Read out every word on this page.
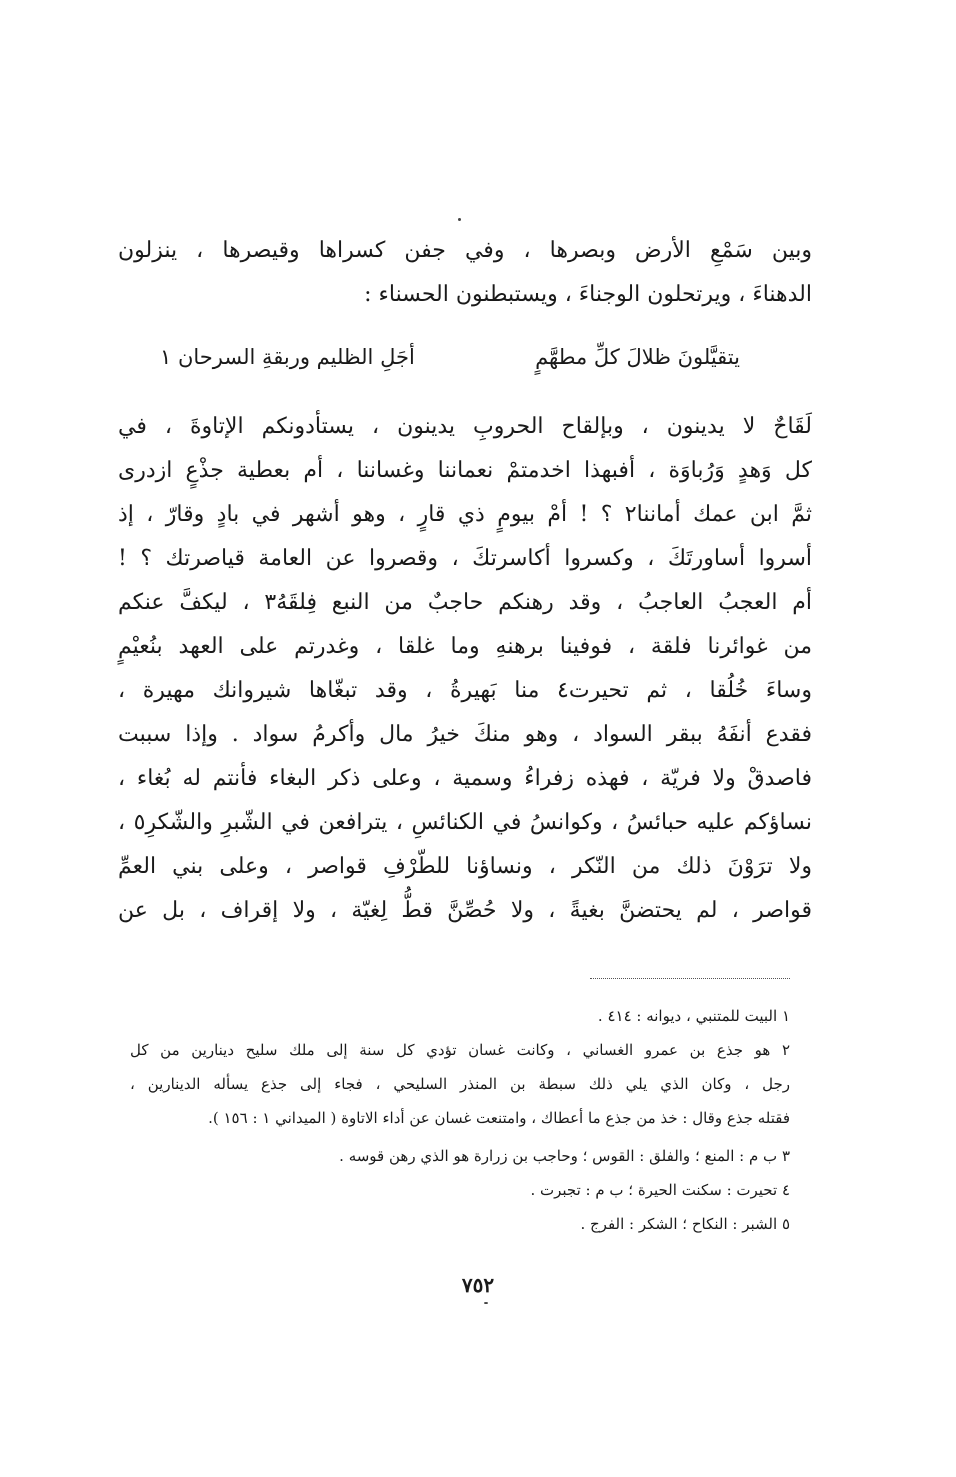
وبين سَمْعِ الأرض وبصرها ، وفي جفن كسراها وقيصرها ، ينزلون
الدهناءَ ، ويرتحلون الوجناءَ ، ويستبطنون الحسناء :
يتقيَّلونَ ظلالَ كلِّ مطهَّمٍ
أجَلِ الظليم وربقةِ السرحان ١
لَقَاحٌ لا يدينون ، وبإلقاح الحروبِ يدينون ، يستأدونكم الإتاوةَ ، في
كل وَهدٍ وَرُباوَة ، أفبهذا اخدمتمْ نعماننا وغساننا ، أم بعطية جذْعٍ ازدرى
ثمَّ ابن عمك أماننا٢ ؟ ! أمْ بيومٍ ذي قارٍ ، وهو أشهر في بادٍ وقارّ ، إذ
أسروا أساورتَكَ ، وكسروا أكاسرتكَ ، وقصروا عن العامة قياصرتك ؟ !
أم العجبُ العاجبُ ، وقد رهنكم حاجبٌ من النبع فِلقَهُ٣ ، ليكفَّ عنكم
من غوائرنا فلقة ، فوفينا برهنهِ وما غلقا ، وغدرتم على العهد بنُعيْمٍ
وساءَ خُلُقا ، ثم تحيرت٤ منا بَهيرةُ ، وقد تبغّاها شيروانك مهيرة ،
فقدع أنفَهُ ببقر السواد ، وهو منكَ خيرُ مال وأكرمُ سواد . وإذا سببت
فاصدقْ ولا فريّة ، فهذه زفراءُ وسمية ، وعلى ذكر البغاء فأنتم له بُغاء ،
نساؤكم عليه حبائسُ ، وكوانسُ في الكنائسِ ، يترافعن في الشّبرِ والشّكرِ٥ ،
ولا ترَوْنَ ذلك من النّكر ، ونساؤنا للطّرْفِ قواصر ، وعلى بني العمِّ
قواصر ، لم يحتضنَّ بغيةً ، ولا حُصِّنَّ قطُّ لِغيّة ، ولا إقراف ، بل عن
١ البيت للمتنبي ، ديوانه : ٤١٤ .
٢ هو جذع بن عمرو الغساني ، وكانت غسان تؤدي كل سنة إلى ملك سليح دينارين من كل
رجل ، وكان الذي يلي ذلك سبطة بن المنذر السليحي ، فجاء إلى جذع يسأله الدينارين ،
فقتله جذع وقال : خذ من جذع ما أعطاك ، وامتنعت غسان عن أداء الاتاوة ( الميداني ١ : ١٥٦ ).
٣ ب م : المنع ؛ والفلق : القوس ؛ وحاجب بن زرارة هو الذي رهن قوسه .
٤ تحيرت : سكنت الحيرة ؛ ب م : تجبرت .
٥ الشبر : النكاح ؛ الشكر : الفرج .
٧٥٢
